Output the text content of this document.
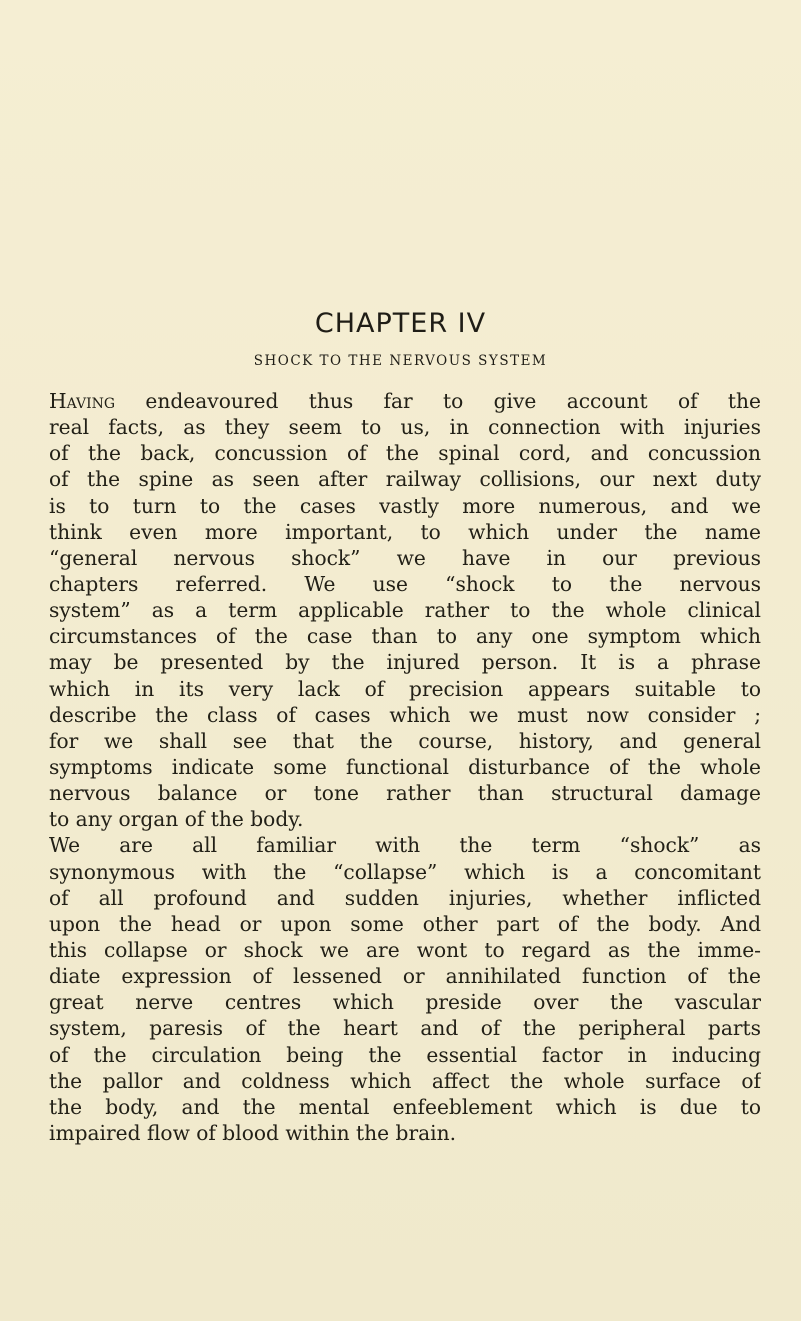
CHAPTER IV
SHOCK TO THE NERVOUS SYSTEM
Having endeavoured thus far to give account of the
real facts, as they seem to us, in connection with injuries
of the back, concussion of the spinal cord, and concussion
of the spine as seen after railway collisions, our next duty
is to turn to the cases vastly more numerous, and we
think even more important, to which under the name
“general nervous shock” we have in our previous
chapters referred. We use “shock to the nervous
system” as a term applicable rather to the whole clinical
circumstances of the case than to any one symptom which
may be presented by the injured person. It is a phrase
which in its very lack of precision appears suitable to
describe the class of cases which we must now consider ;
for we shall see that the course, history, and general
symptoms indicate some functional disturbance of the whole
nervous balance or tone rather than structural damage
to any organ of the body.
We are all familiar with the term “shock” as
synonymous with the “collapse” which is a concomitant
of all profound and sudden injuries, whether inflicted
upon the head or upon some other part of the body. And
this collapse or shock we are wont to regard as the imme-
diate expression of lessened or annihilated function of the
great nerve centres which preside over the vascular
system, paresis of the heart and of the peripheral parts
of the circulation being the essential factor in inducing
the pallor and coldness which affect the whole surface of
the body, and the mental enfeeblement which is due to
impaired flow of blood within the brain.
